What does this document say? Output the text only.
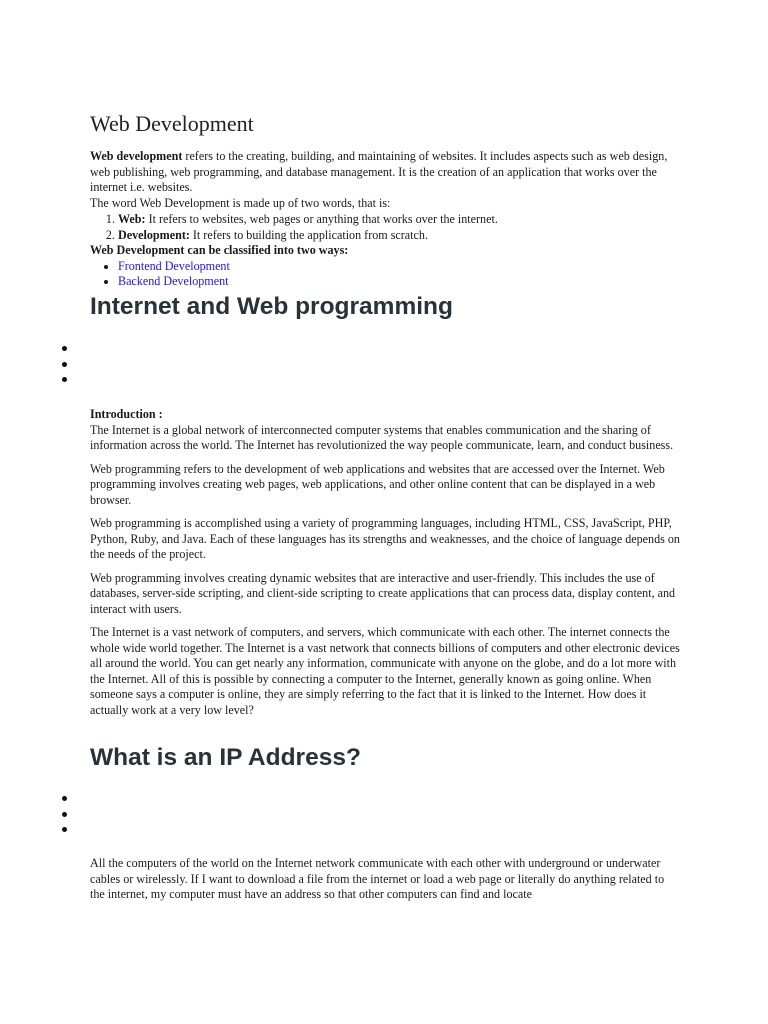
Web Development

Web development refers to the creating, building, and maintaining of websites. It includes aspects such as web design, web publishing, web programming, and database management. It is the creation of an application that works over the internet i.e. websites.

The word Web Development is made up of two words, that is:

1. Web: It refers to websites, web pages or anything that works over the internet.
2. Development: It refers to building the application from scratch.

Web Development can be classified into two ways:

• Frontend Development
• Backend Development
Internet and Web programming

Introduction :

The Internet is a global network of interconnected computer systems that enables communication and the sharing of information across the world. The Internet has revolutionized the way people communicate, learn, and conduct business.

Web programming refers to the development of web applications and websites that are accessed over the Internet. Web programming involves creating web pages, web applications, and other online content that can be displayed in a web browser.

Web programming is accomplished using a variety of programming languages, including HTML, CSS, JavaScript, PHP, Python, Ruby, and Java. Each of these languages has its strengths and weaknesses, and the choice of language depends on the needs of the project.

Web programming involves creating dynamic websites that are interactive and user-friendly. This includes the use of databases, server-side scripting, and client-side scripting to create applications that can process data, display content, and interact with users.

The Internet is a vast network of computers, and servers, which communicate with each other. The internet connects the whole wide world together. The Internet is a vast network that connects billions of computers and other electronic devices all around the world. You can get nearly any information, communicate with anyone on the globe, and do a lot more with the Internet. All of this is possible by connecting a computer to the Internet, generally known as going online. When someone says a computer is online, they are simply referring to the fact that it is linked to the Internet. How does it actually work at a very low level?

What is an IP Address?

All the computers of the world on the Internet network communicate with each other with underground or underwater cables or wirelessly. If I want to download a file from the internet or load a web page or literally do anything related to the internet, my computer must have an address so that other computers can find and locate
